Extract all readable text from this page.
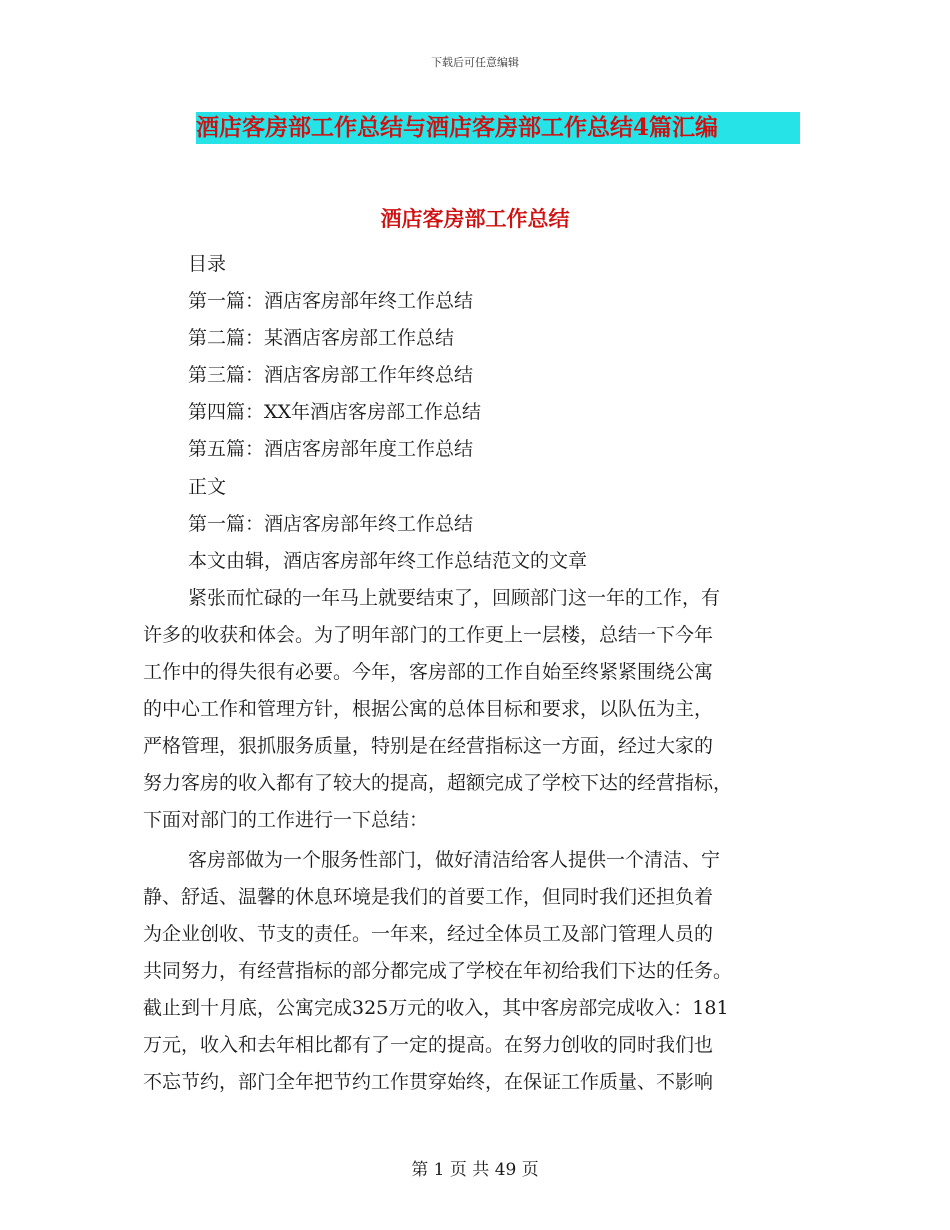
下载后可任意编辑
酒店客房部工作总结与酒店客房部工作总结4篇汇编
酒店客房部工作总结
目录
第一篇：酒店客房部年终工作总结
第二篇：某酒店客房部工作总结
第三篇：酒店客房部工作年终总结
第四篇：XX年酒店客房部工作总结
第五篇：酒店客房部年度工作总结
正文
第一篇：酒店客房部年终工作总结
本文由辑，酒店客房部年终工作总结范文的文章
紧张而忙碌的一年马上就要结束了，回顾部门这一年的工作，有
许多的收获和体会。为了明年部门的工作更上一层楼，总结一下今年
工作中的得失很有必要。今年，客房部的工作自始至终紧紧围绕公寓
的中心工作和管理方针，根据公寓的总体目标和要求，以队伍为主，
严格管理，狠抓服务质量，特别是在经营指标这一方面，经过大家的
努力客房的收入都有了较大的提高，超额完成了学校下达的经营指标，
下面对部门的工作进行一下总结：
客房部做为一个服务性部门，做好清洁给客人提供一个清洁、宁
静、舒适、温馨的休息环境是我们的首要工作，但同时我们还担负着
为企业创收、节支的责任。一年来，经过全体员工及部门管理人员的
共同努力，有经营指标的部分都完成了学校在年初给我们下达的任务。
截止到十月底，公寓完成325万元的收入，其中客房部完成收入：181
万元，收入和去年相比都有了一定的提高。在努力创收的同时我们也
不忘节约，部门全年把节约工作贯穿始终，在保证工作质量、不影响
第 1 页 共 49 页
